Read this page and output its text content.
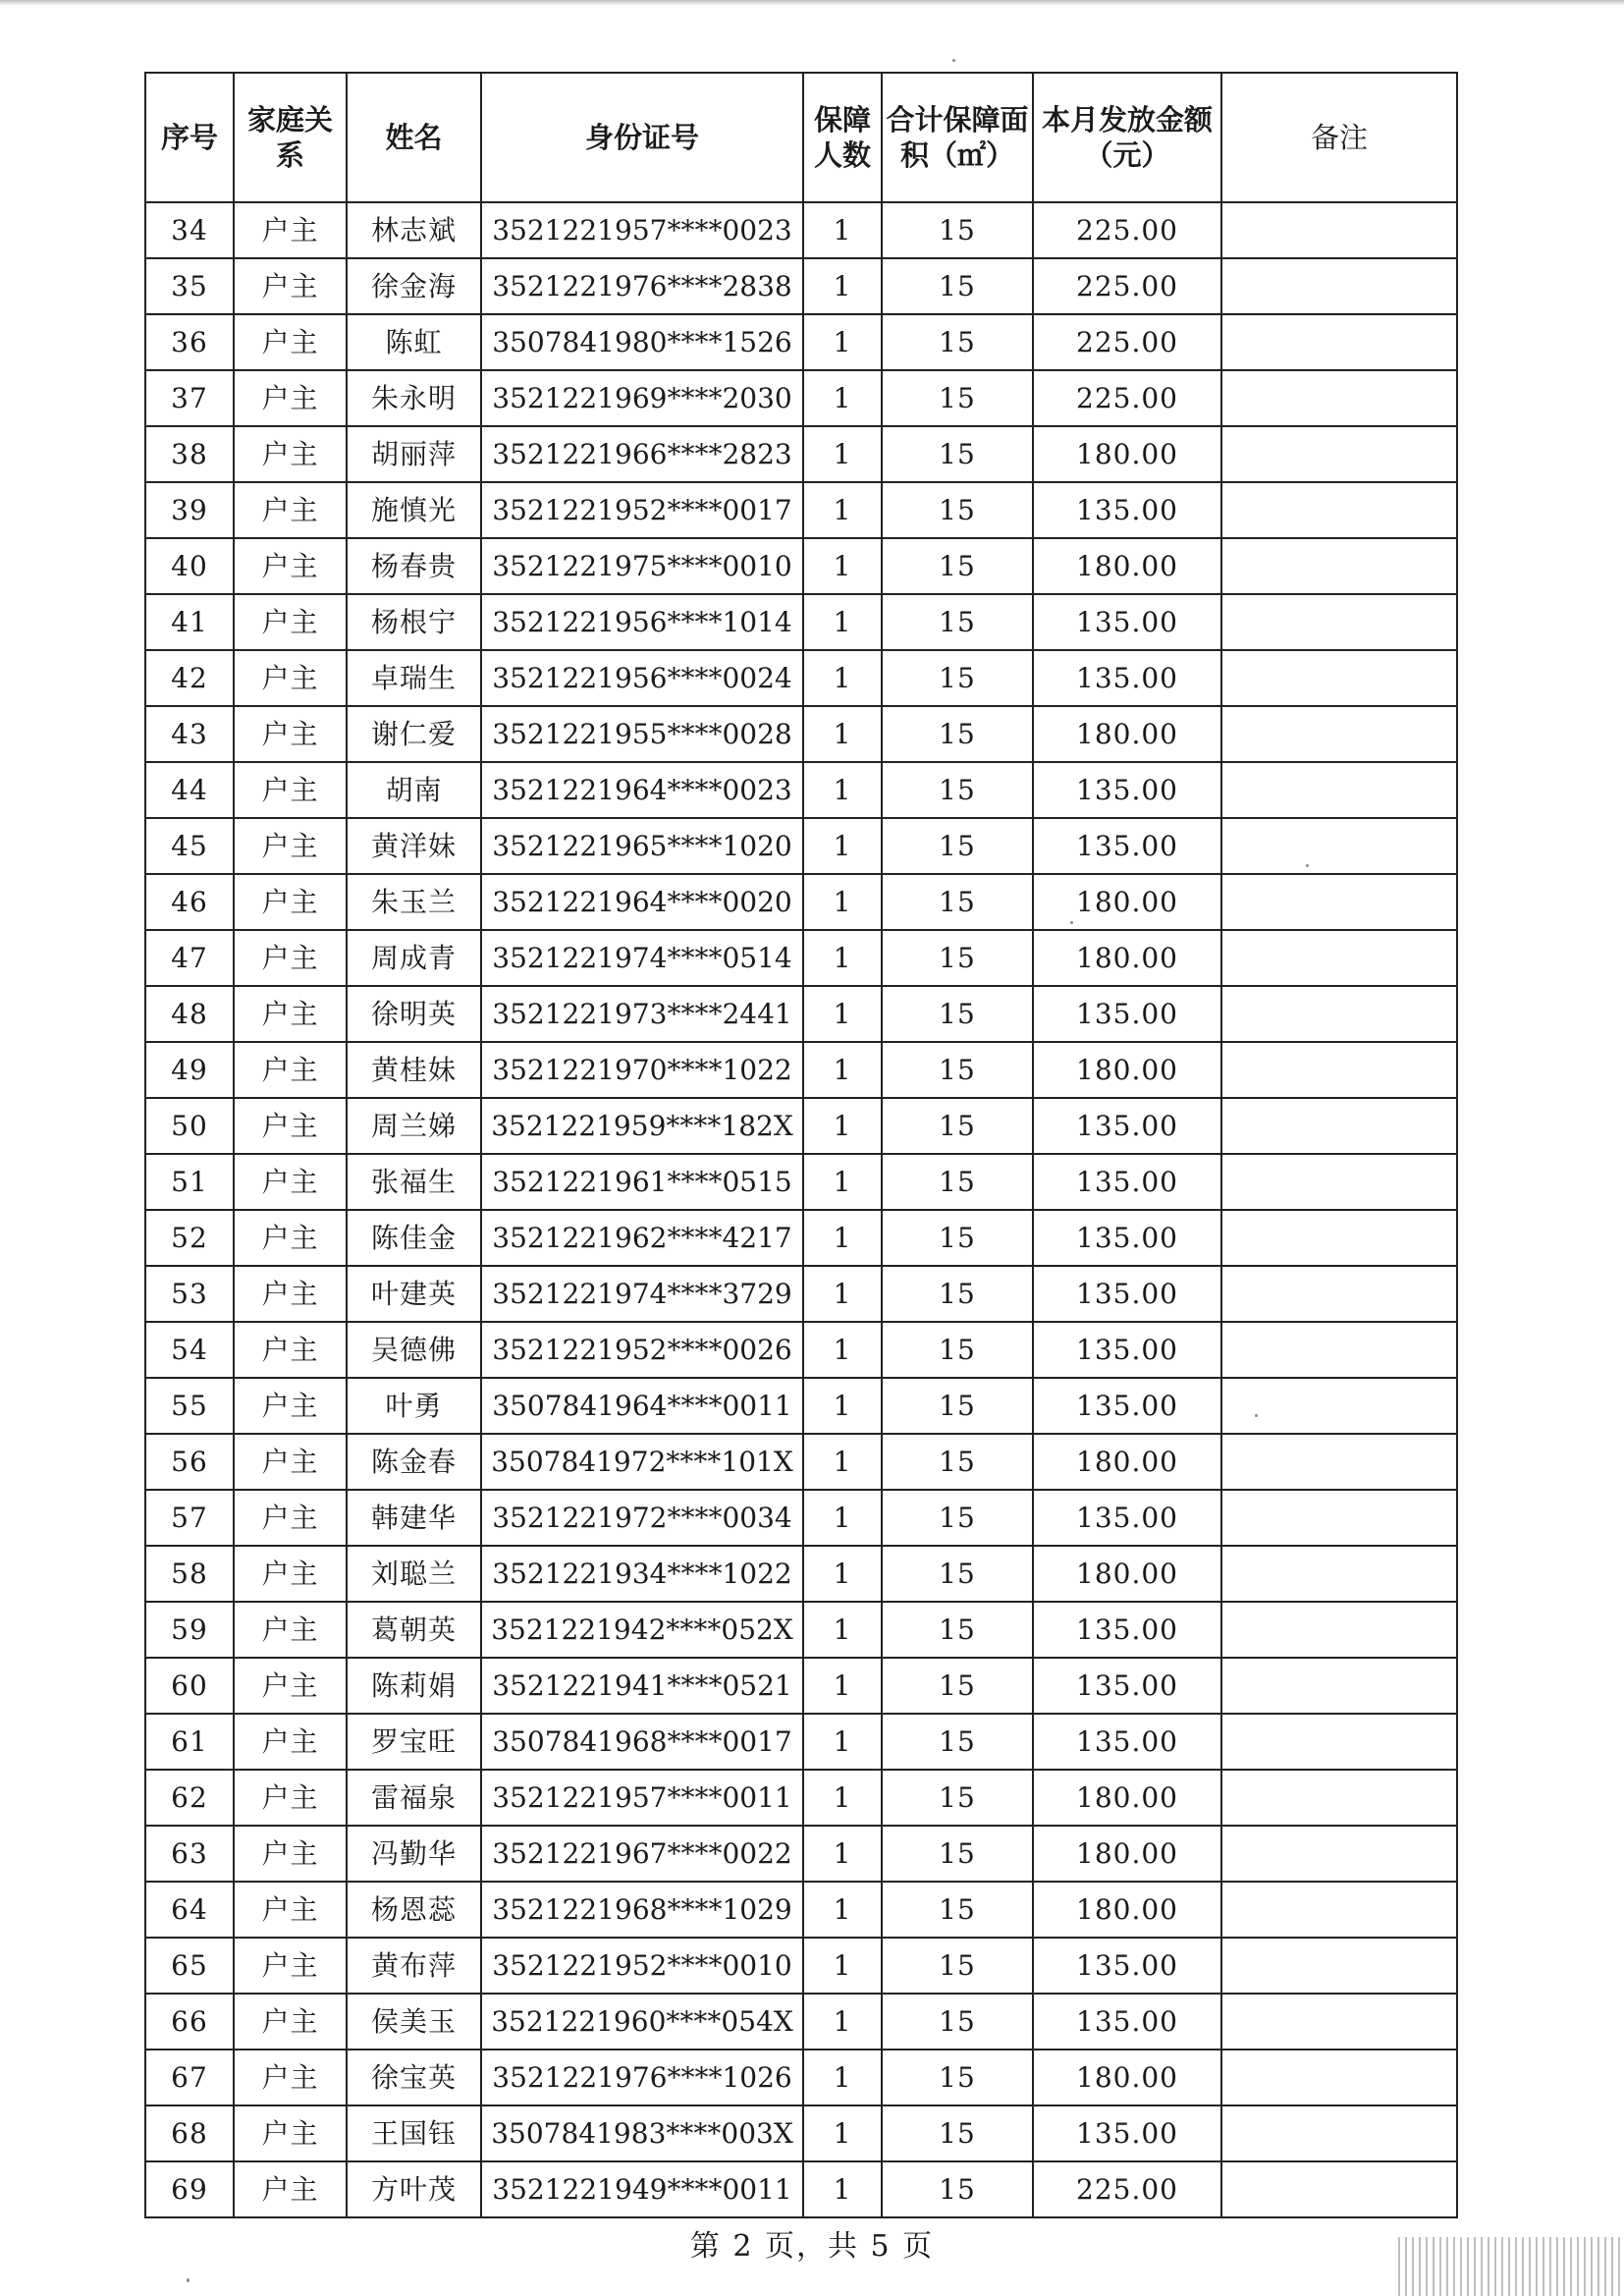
序号	家庭关系	姓名	身份证号	保障人数	合计保障面积（㎡）	本月发放金额（元）	备注
34	户主	林志斌	3521221957****0023	1	15	225.00	
35	户主	徐金海	3521221976****2838	1	15	225.00	
36	户主	陈虹	3507841980****1526	1	15	225.00	
37	户主	朱永明	3521221969****2030	1	15	225.00	
38	户主	胡丽萍	3521221966****2823	1	15	180.00	
39	户主	施慎光	3521221952****0017	1	15	135.00	
40	户主	杨春贵	3521221975****0010	1	15	180.00	
41	户主	杨根宁	3521221956****1014	1	15	135.00	
42	户主	卓瑞生	3521221956****0024	1	15	135.00	
43	户主	谢仁爱	3521221955****0028	1	15	180.00	
44	户主	胡南	3521221964****0023	1	15	135.00	
45	户主	黄洋妹	3521221965****1020	1	15	135.00	
46	户主	朱玉兰	3521221964****0020	1	15	180.00	
47	户主	周成青	3521221974****0514	1	15	180.00	
48	户主	徐明英	3521221973****2441	1	15	135.00	
49	户主	黄桂妹	3521221970****1022	1	15	180.00	
50	户主	周兰娣	3521221959****182X	1	15	135.00	
51	户主	张福生	3521221961****0515	1	15	135.00	
52	户主	陈佳金	3521221962****4217	1	15	135.00	
53	户主	叶建英	3521221974****3729	1	15	135.00	
54	户主	吴德佛	3521221952****0026	1	15	135.00	
55	户主	叶勇	3507841964****0011	1	15	135.00	
56	户主	陈金春	3507841972****101X	1	15	180.00	
57	户主	韩建华	3521221972****0034	1	15	135.00	
58	户主	刘聪兰	3521221934****1022	1	15	180.00	
59	户主	葛朝英	3521221942****052X	1	15	135.00	
60	户主	陈莉娟	3521221941****0521	1	15	135.00	
61	户主	罗宝旺	3507841968****0017	1	15	135.00	
62	户主	雷福泉	3521221957****0011	1	15	180.00	
63	户主	冯勤华	3521221967****0022	1	15	180.00	
64	户主	杨恩蕊	3521221968****1029	1	15	180.00	
65	户主	黄布萍	3521221952****0010	1	15	135.00	
66	户主	侯美玉	3521221960****054X	1	15	135.00	
67	户主	徐宝英	3521221976****1026	1	15	180.00	
68	户主	王国钰	3507841983****003X	1	15	135.00	
69	户主	方叶茂	3521221949****0011	1	15	225.00	
第 2 页，共 5 页
